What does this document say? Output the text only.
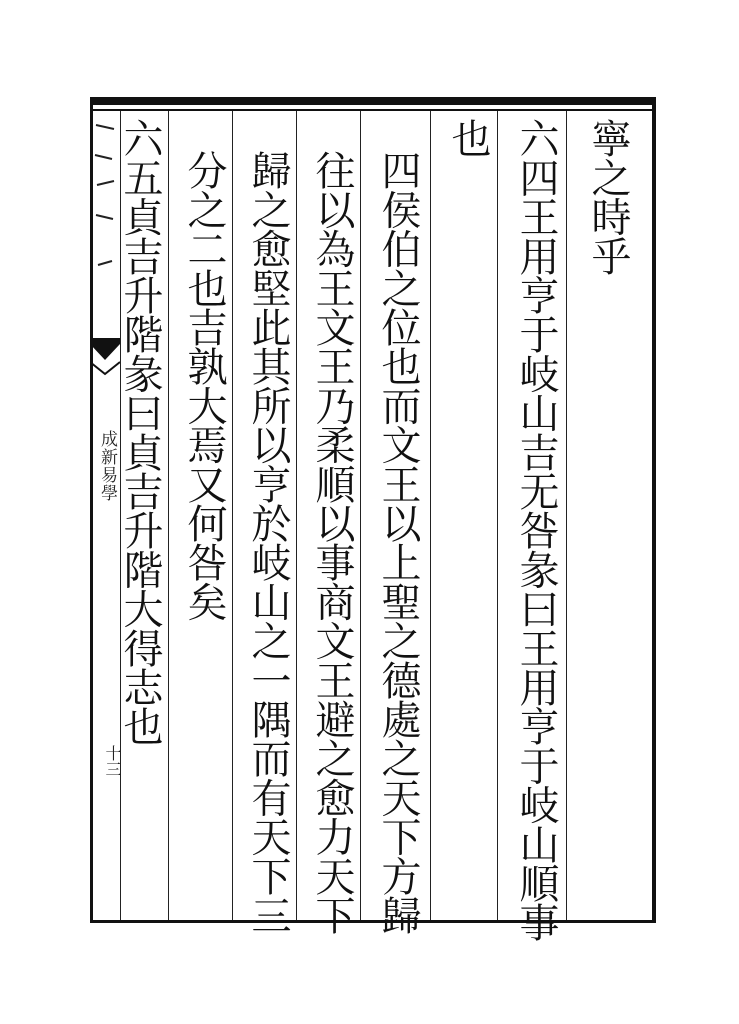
成新易學
十三
寧之時乎
六四王用亨于岐山吉无咎彖曰王用亨于岐山順事
也
四侯伯之位也而文王以上聖之德處之天下方歸
往以為王文王乃柔順以事商文王避之愈力天下
歸之愈堅此其所以亨於岐山之一隅而有天下三
分之二也吉孰大焉又何咎矣
六五貞吉升階彖曰貞吉升階大得志也
